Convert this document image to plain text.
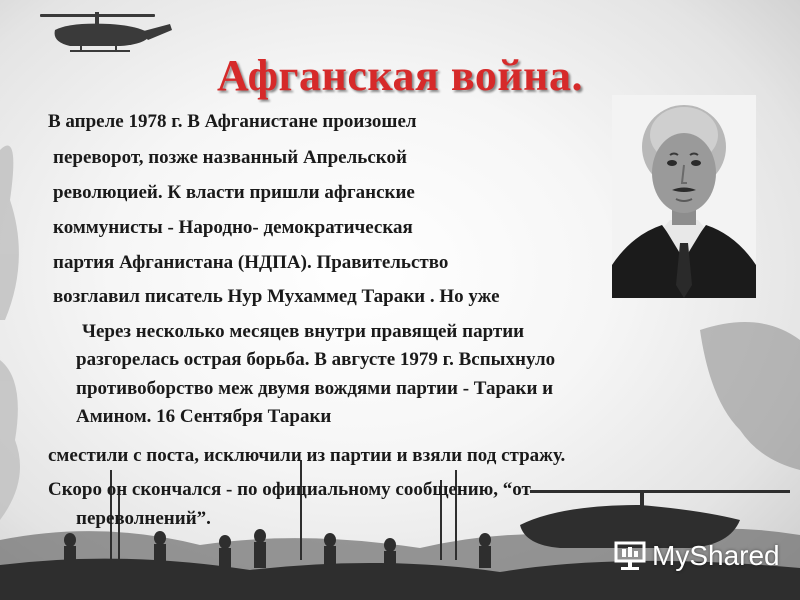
Афганская война.

В апреле 1978 г. В Афганистане произошел

переворот, позже названный Апрельской

революцией. К власти пришли афганские

коммунисты - Народно- демократическая

партия Афганистана (НДПА). Правительство

возглавил писатель Нур Мухаммед Тараки . Но уже

Через несколько месяцев внутри правящей партии

разгорелась острая борьба. В августе 1979 г. Вспыхнуло

противоборство меж двумя вождями партии - Тараки и

Амином. 16 Сентября Тараки

сместили с поста, исключили из партии и взяли под стражу.

Скоро он скончался - по официальному сообщению, “от

переволнений”.

MyShared
